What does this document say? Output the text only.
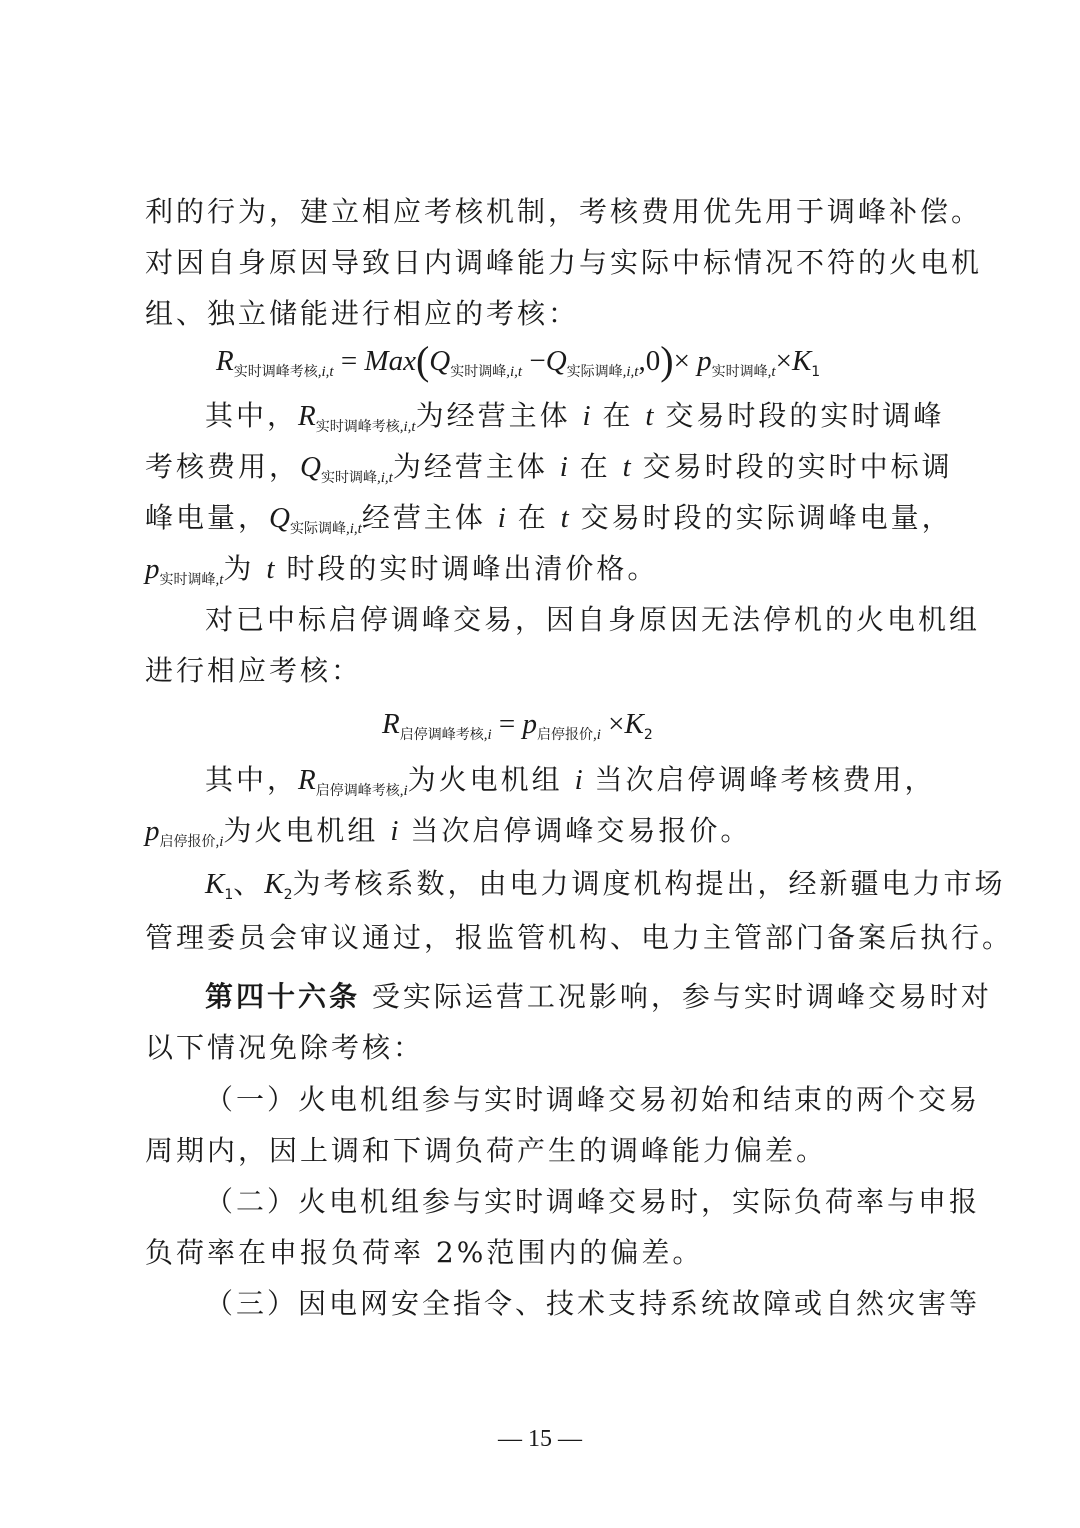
利的行为，建立相应考核机制，考核费用优先用于调峰补偿。
对因自身原因导致日内调峰能力与实际中标情况不符的火电机
组、独立储能进行相应的考核：
$R_{实时调峰考核,i,t} = Max(Q_{实时调峰,i,t} -Q_{实际调峰,i,t},0)\times p_{实时调峰,t}\times K_1$
其中，$R_{实时调峰考核,i,t}$为经营主体 i 在 t 交易时段的实时调峰
考核费用，$Q_{实时调峰,i,t}$为经营主体 i 在 t 交易时段的实时中标调
峰电量，$Q_{实际调峰,i,t}$经营主体 i 在 t 交易时段的实际调峰电量，
$p_{实时调峰,t}$为 t 时段的实时调峰出清价格。
对已中标启停调峰交易，因自身原因无法停机的火电机组
进行相应考核：
$R_{启停调峰考核,i} = p_{启停报价,i} \times K_2$
其中，$R_{启停调峰考核,i}$为火电机组 i 当次启停调峰考核费用，
$p_{启停报价,i}$为火电机组 i 当次启停调峰交易报价。
$K_1$、$K_2$为考核系数，由电力调度机构提出，经新疆电力市场
管理委员会审议通过，报监管机构、电力主管部门备案后执行。
第四十六条 受实际运营工况影响，参与实时调峰交易时对
以下情况免除考核：
（一）火电机组参与实时调峰交易初始和结束的两个交易
周期内，因上调和下调负荷产生的调峰能力偏差。
（二）火电机组参与实时调峰交易时，实际负荷率与申报
负荷率在申报负荷率 2%范围内的偏差。
（三）因电网安全指令、技术支持系统故障或自然灾害等
— 15 —
